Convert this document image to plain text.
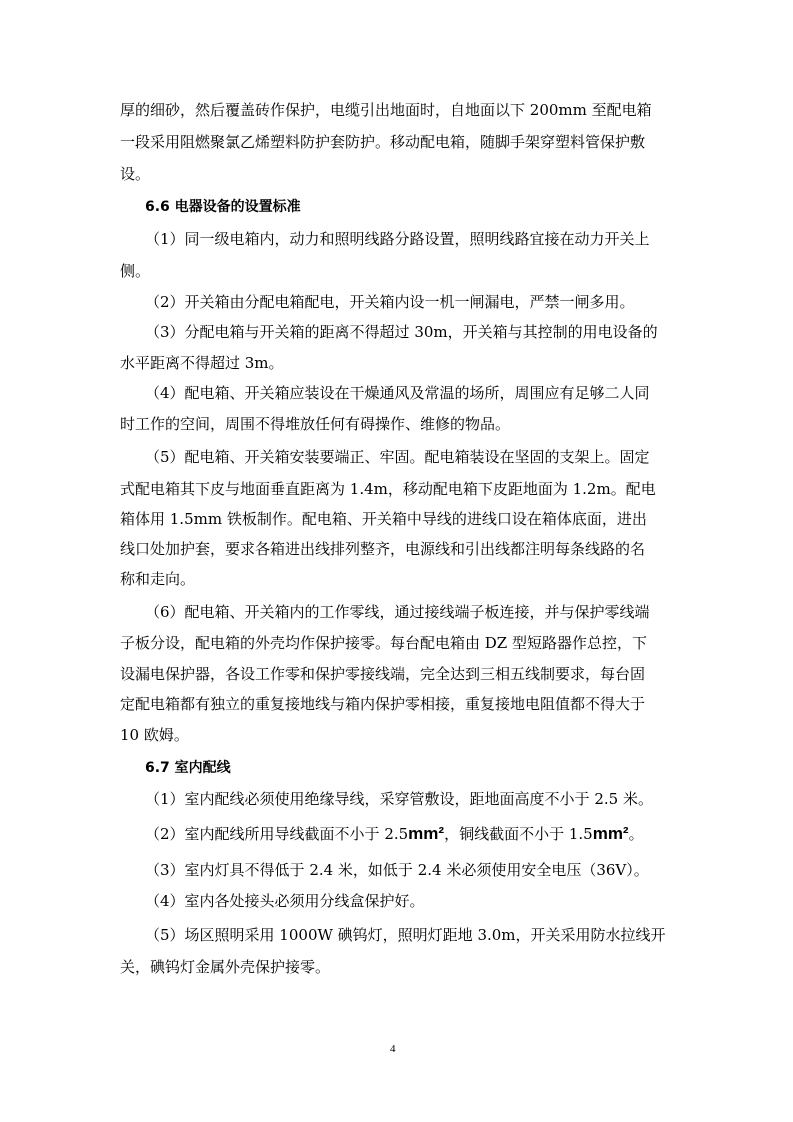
厚的细砂，然后覆盖砖作保护，电缆引出地面时，自地面以下 200mm 至配电箱
一段采用阻燃聚氯乙烯塑料防护套防护。移动配电箱，随脚手架穿塑料管保护敷
设。
6.6 电器设备的设置标准
（1）同一级电箱内，动力和照明线路分路设置，照明线路宜接在动力开关上
侧。
（2）开关箱由分配电箱配电，开关箱内设一机一闸漏电，严禁一闸多用。
（3）分配电箱与开关箱的距离不得超过 30m，开关箱与其控制的用电设备的
水平距离不得超过 3m。
（4）配电箱、开关箱应装设在干燥通风及常温的场所，周围应有足够二人同
时工作的空间，周围不得堆放任何有碍操作、维修的物品。
（5）配电箱、开关箱安装要端正、牢固。配电箱装设在坚固的支架上。固定
式配电箱其下皮与地面垂直距离为 1.4m，移动配电箱下皮距地面为 1.2m。配电
箱体用 1.5mm 铁板制作。配电箱、开关箱中导线的进线口设在箱体底面，进出
线口处加护套，要求各箱进出线排列整齐，电源线和引出线都注明每条线路的名
称和走向。
（6）配电箱、开关箱内的工作零线，通过接线端子板连接，并与保护零线端
子板分设，配电箱的外壳均作保护接零。每台配电箱由 DZ 型短路器作总控，下
设漏电保护器，各设工作零和保护零接线端，完全达到三相五线制要求，每台固
定配电箱都有独立的重复接地线与箱内保护零相接，重复接地电阻值都不得大于
10 欧姆。
6.7 室内配线
（1）室内配线必须使用绝缘导线，采穿管敷设，距地面高度不小于 2.5 米。
（2）室内配线所用导线截面不小于 2.5mm²，铜线截面不小于 1.5mm²。
（3）室内灯具不得低于 2.4 米，如低于 2.4 米必须使用安全电压（36V）。
（4）室内各处接头必须用分线盒保护好。
（5）场区照明采用 1000W 碘钨灯，照明灯距地 3.0m，开关采用防水拉线开
关，碘钨灯金属外壳保护接零。
4
